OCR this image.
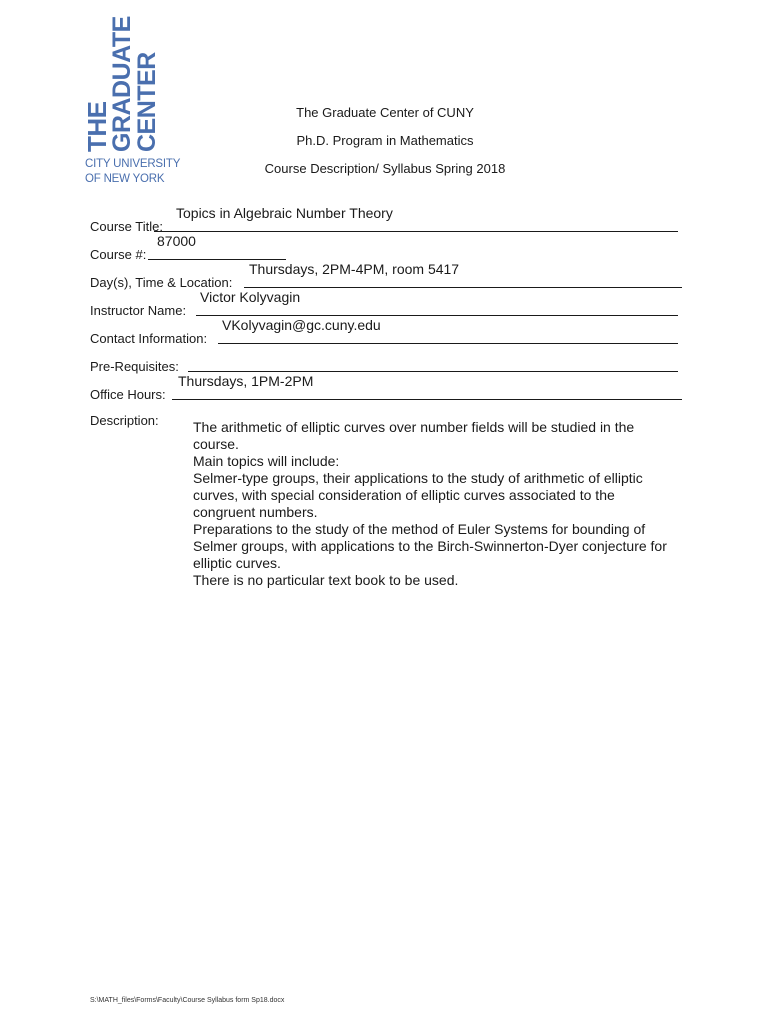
THE
GRADUATE
CENTER
CITY UNIVERSITY
OF NEW YORK
The Graduate Center of CUNY
Ph.D. Program in Mathematics
Course Description/ Syllabus Spring 2018
Course Title:
Topics in Algebraic Number Theory
Course #:
87000
Day(s), Time & Location:
Thursdays, 2PM-4PM, room 5417
Instructor Name:
Victor Kolyvagin
Contact Information:
VKolyvagin@gc.cuny.edu
Pre-Requisites:
Office Hours:
Thursdays, 1PM-2PM
Description:	The arithmetic of elliptic curves over number fields will be studied in the course.

Main topics will include:

Selmer-type groups, their applications to the study of arithmetic of elliptic curves, with special consideration of elliptic curves associated to the congruent numbers.

Preparations to the study of the method of Euler Systems for bounding of Selmer groups, with applications to the Birch-Swinnerton-Dyer conjecture for elliptic curves.

There is no particular text book to be used.

S:\MATH_files\Forms\Faculty\Course Syllabus form Sp18.docx
